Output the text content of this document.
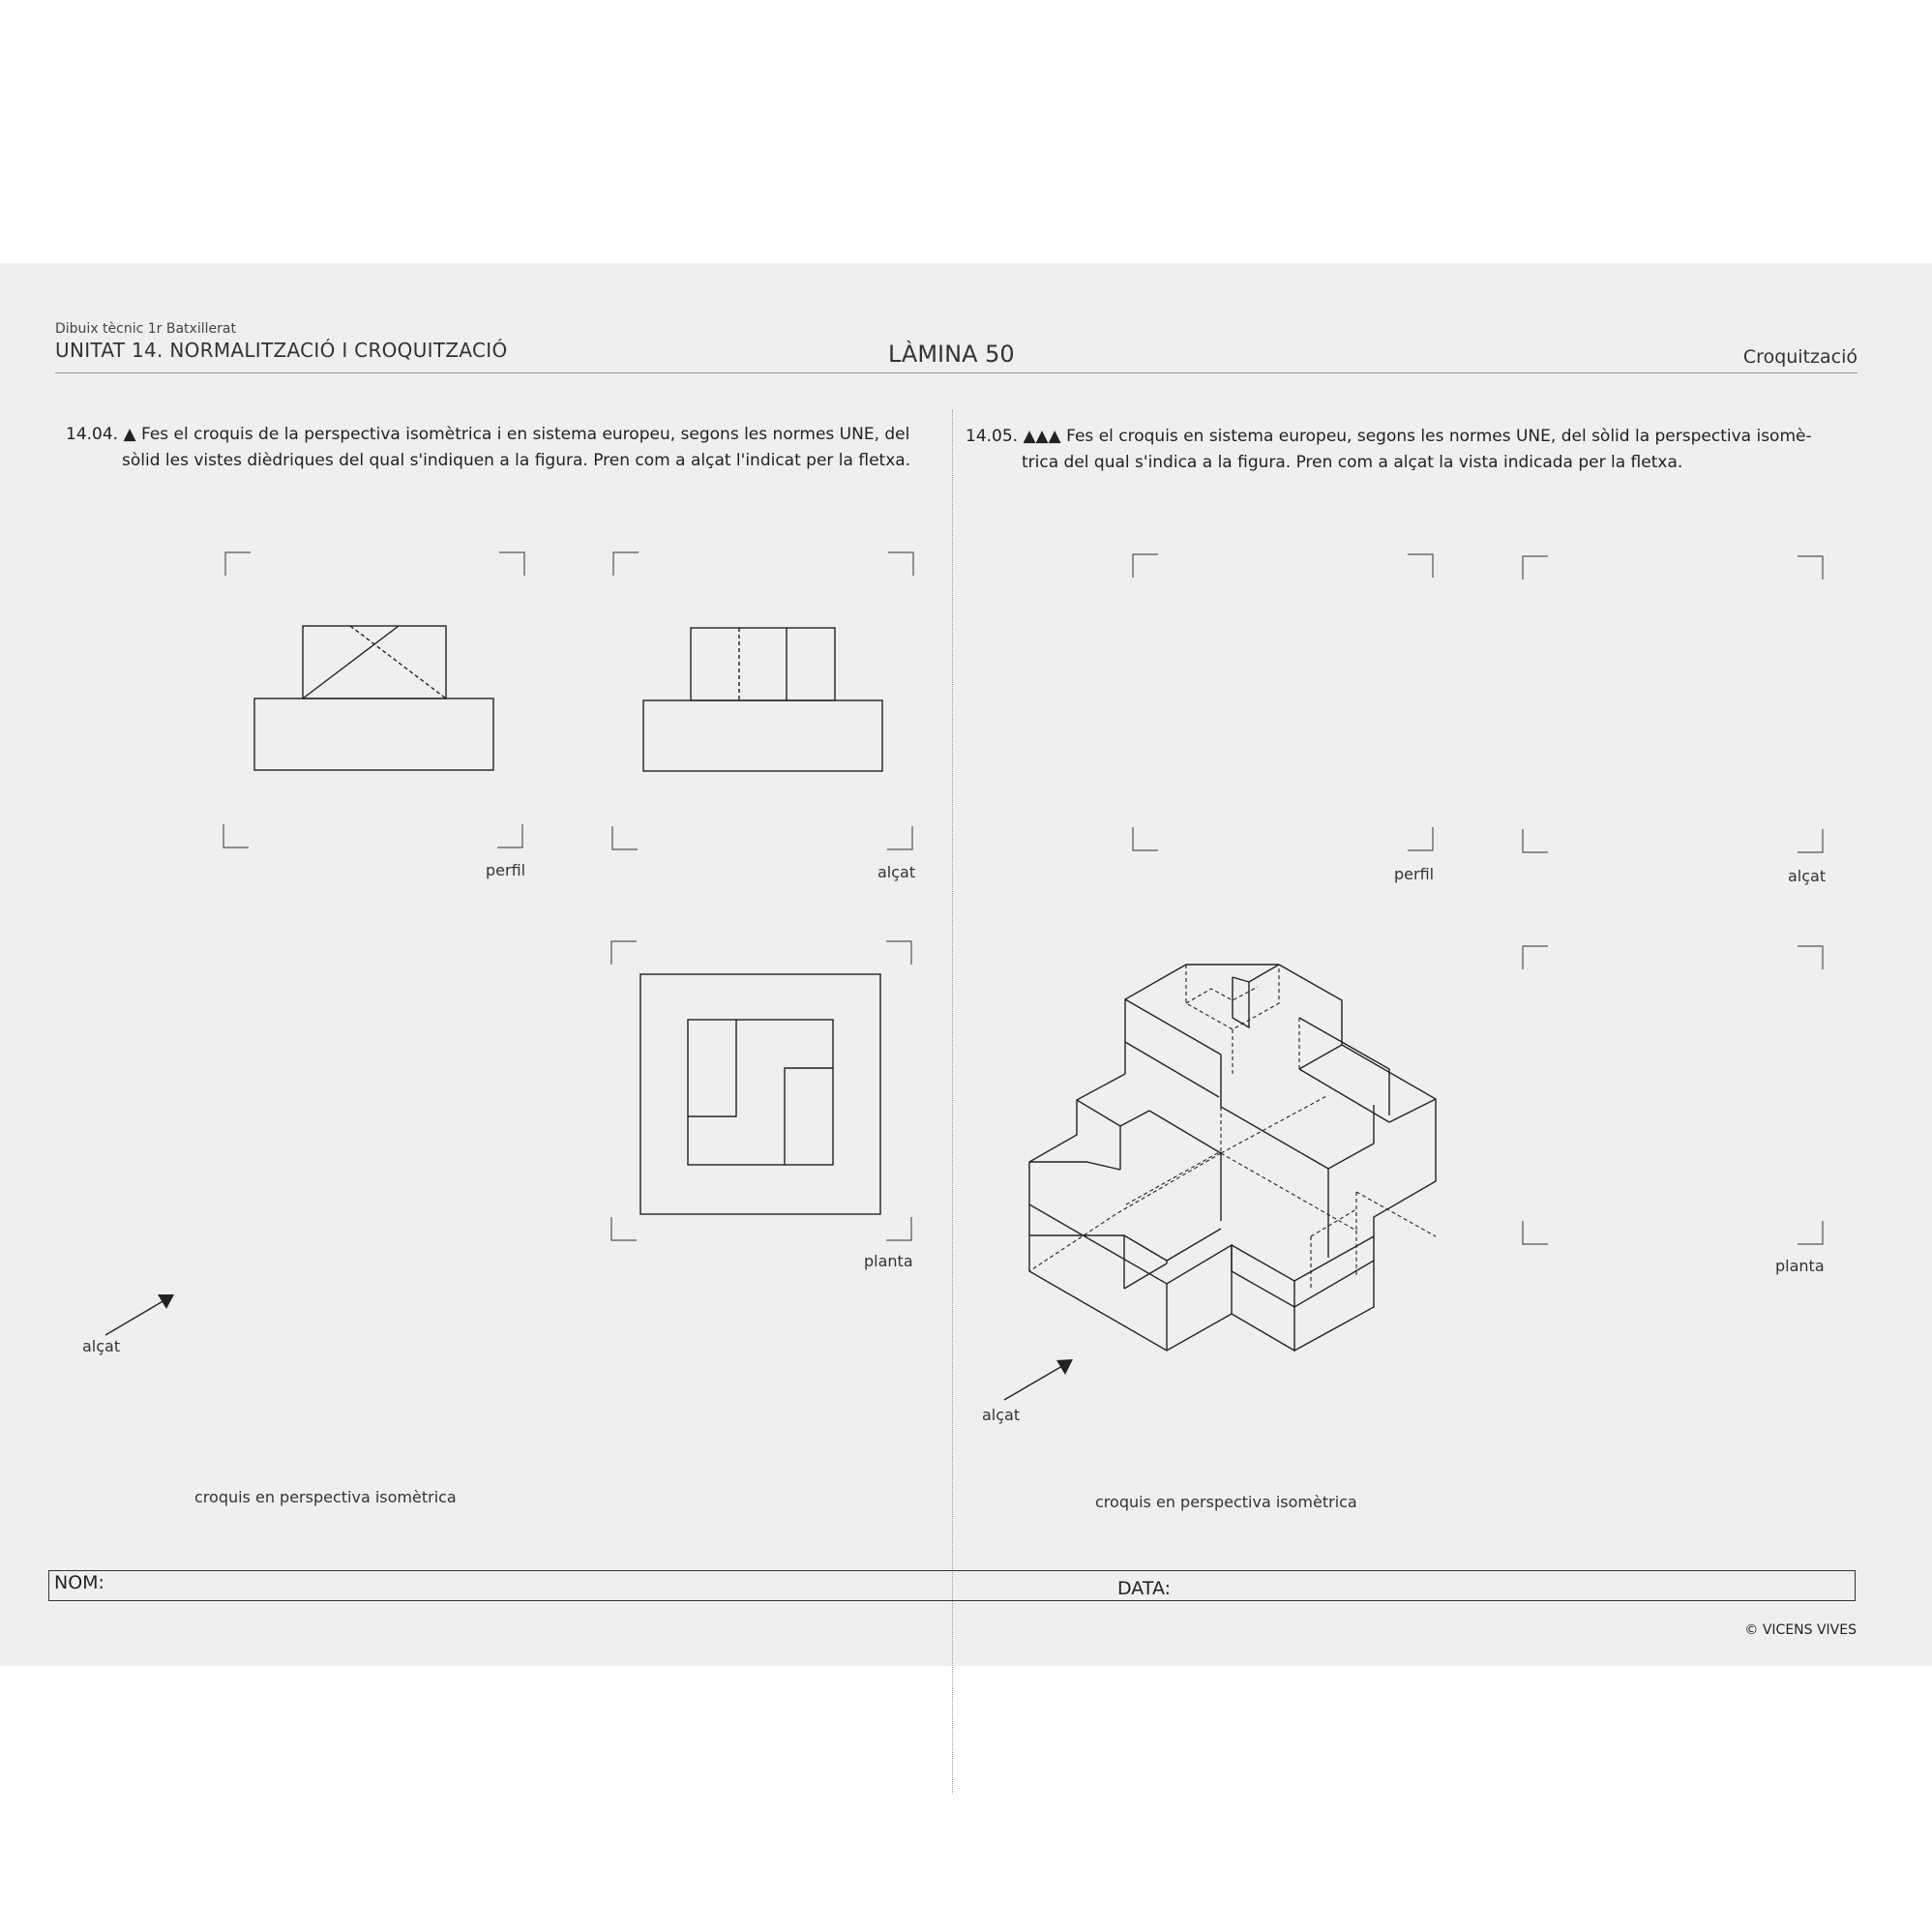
Dibuix tècnic 1r Batxillerat
UNITAT 14. NORMALITZACIÓ I CROQUITZACIÓ	LÀMINA 50	Croquització
14.04. ▲ Fes el croquis de la perspectiva isomètrica i en sistema europeu, segons les normes UNE, del
sòlid les vistes dièdriques del qual s'indiquen a la figura. Pren com a alçat l'indicat per la fletxa.
14.05. ▲▲▲ Fes el croquis en sistema europeu, segons les normes UNE, del sòlid la perspectiva isomè-
trica del qual s'indica a la figura. Pren com a alçat la vista indicada per la fletxa.
perfil	alçat
planta
alçat
croquis en perspectiva isomètrica
perfil	alçat
planta
alçat
croquis en perspectiva isomètrica
NOM:	DATA:
© VICENS VIVES
